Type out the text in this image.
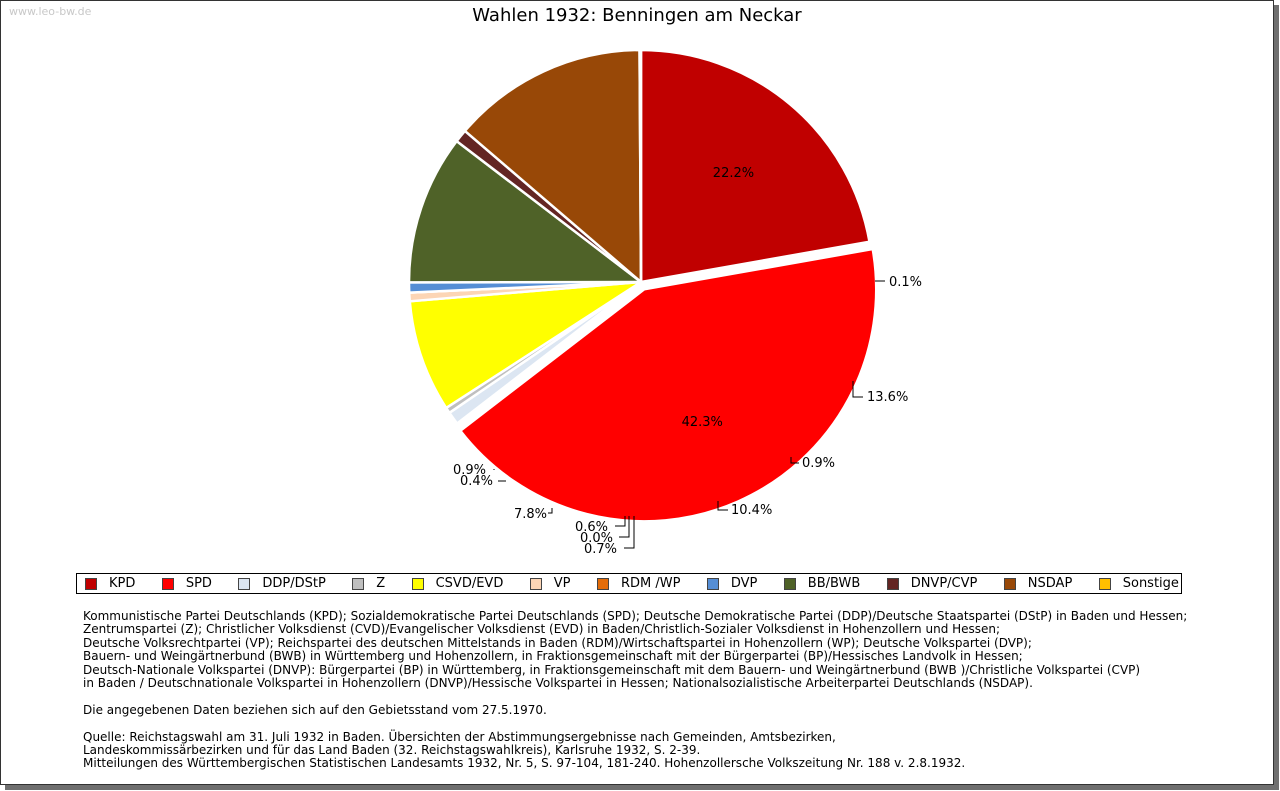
www.leo-bw.de	Wahlen 1932: Benningen am Neckar
22.2%
42.3%
0.9%
0.4%
7.8%
0.6%
0.0%
0.7%
10.4%
0.9%
13.6%
0.1%
KPD	SPD	DDP/DStP	Z	CSVD/EVD	VP	RDM /WP	DVP	BB/BWB	DNVP/CVP	NSDAP	Sonstige

Kommunistische Partei Deutschlands (KPD); Sozialdemokratische Partei Deutschlands (SPD); Deutsche Demokratische Partei (DDP)/Deutsche Staatspartei (DStP) in Baden und Hessen;
Zentrumspartei (Z); Christlicher Volksdienst (CVD)/Evangelischer Volksdienst (EVD) in Baden/Christlich-Sozialer Volksdienst in Hohenzollern und Hessen;
Deutsche Volksrechtpartei (VP); Reichspartei des deutschen Mittelstands in Baden (RDM)/Wirtschaftspartei in Hohenzollern (WP); Deutsche Volkspartei (DVP);
Bauern- und Weingärtnerbund (BWB) in Württemberg und Hohenzollern, in Fraktionsgemeinschaft mit der Bürgerpartei (BP)/Hessisches Landvolk in Hessen;
Deutsch-Nationale Volkspartei (DNVP): Bürgerpartei (BP) in Württemberg, in Fraktionsgemeinschaft mit dem Bauern- und Weingärtnerbund (BWB )/Christliche Volkspartei (CVP)
in Baden / Deutschnationale Volkspartei in Hohenzollern (DNVP)/Hessische Volkspartei in Hessen; Nationalsozialistische Arbeiterpartei Deutschlands (NSDAP).

Die angegebenen Daten beziehen sich auf den Gebietsstand vom 27.5.1970.

Quelle: Reichstagswahl am 31. Juli 1932 in Baden. Übersichten der Abstimmungsergebnisse nach Gemeinden, Amtsbezirken,
Landeskommissärbezirken und für das Land Baden (32. Reichstagswahlkreis), Karlsruhe 1932, S. 2-39.
Mitteilungen des Württembergischen Statistischen Landesamts 1932, Nr. 5, S. 97-104, 181-240. Hohenzollersche Volkszeitung Nr. 188 v. 2.8.1932.
